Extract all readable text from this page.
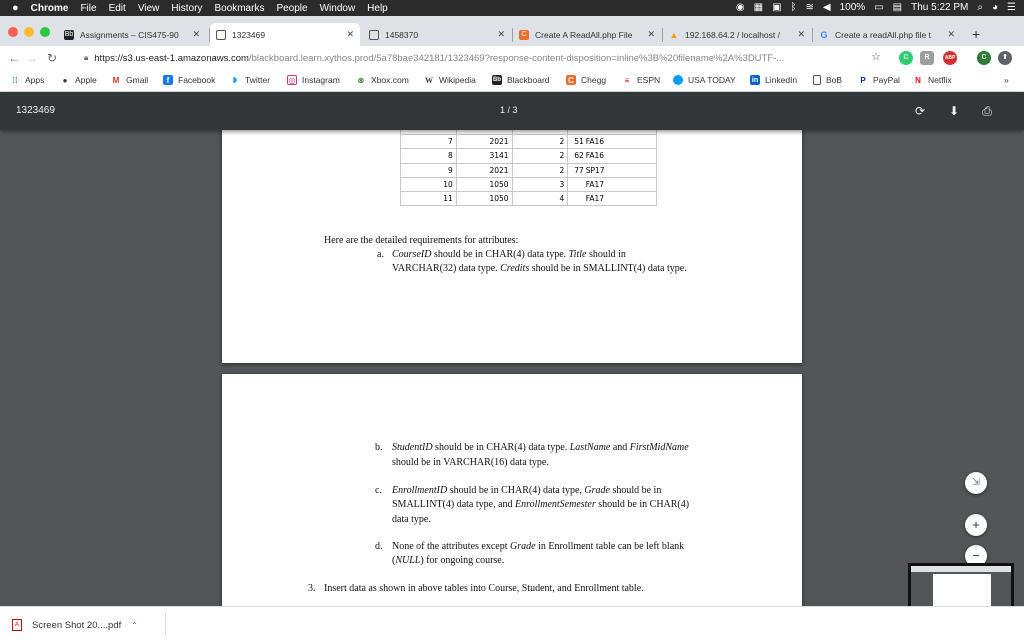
● Chrome File Edit View History Bookmarks People Window Help	◉ ▦ ▣ ᛒ ≋ ◀ 100% ▭ ▤ Thu 5:22 PM ⌕ ◕ ☰
Bb Assignments – CIS475-90	✕	1323469	✕	1458370	✕	C Create A ReadAll.php File	✕ ▲ 192.168.64.2 / localhost /	✕ G Create a readAll.php file t	✕ +
← → ↻	🔒︎ https://s3.us-east-1.amazonaws.com /blackboard.learn.xythos.prod/5a78bae342181/1323469?response-content-disposition=inline%3B%20filename%2A%3DUTF-...	☆	C	R	ABP	C	⬆
⁞⁞ Apps	● Apple M Gmail	f	Facebook ❥ Twitter ◎ Instagram ⊗ Xbox.com W Wikipedia	Bb Blackboard C Chegg	≡ ESPN	USA TODAY in LinkedIn	BoB P PayPal N Netflix	»
1323469	1 / 3	⟳ ⬇ ⎙

7	2021	2	51	FA16
8	3141	2	62	FA16
9	2021	2	77	SP17
10	1050	3		FA17
11	1050	4		FA17
Here are the detailed requirements for attributes:
a. CourseID should be in CHAR(4) data type. Title should in
VARCHAR(32) data type. Credits should be in SMALLINT(4) data type.
b. StudentID should be in CHAR(4) data type. LastName and FirstMidName
should be in VARCHAR(16) data type.
c. EnrollmentID should be in CHAR(4) data type, Grade should be in
SMALLINT(4) data type, and EnrollmentSemester should be in CHAR(4)
data type.
d. None of the attributes except Grade in Enrollment table can be left blank
(NULL) for ongoing course.
3. Insert data as shown in above tables into Course, Student, and Enrollment table.
⇲
+
−
A	Screen Shot 20....pdf ⌃
